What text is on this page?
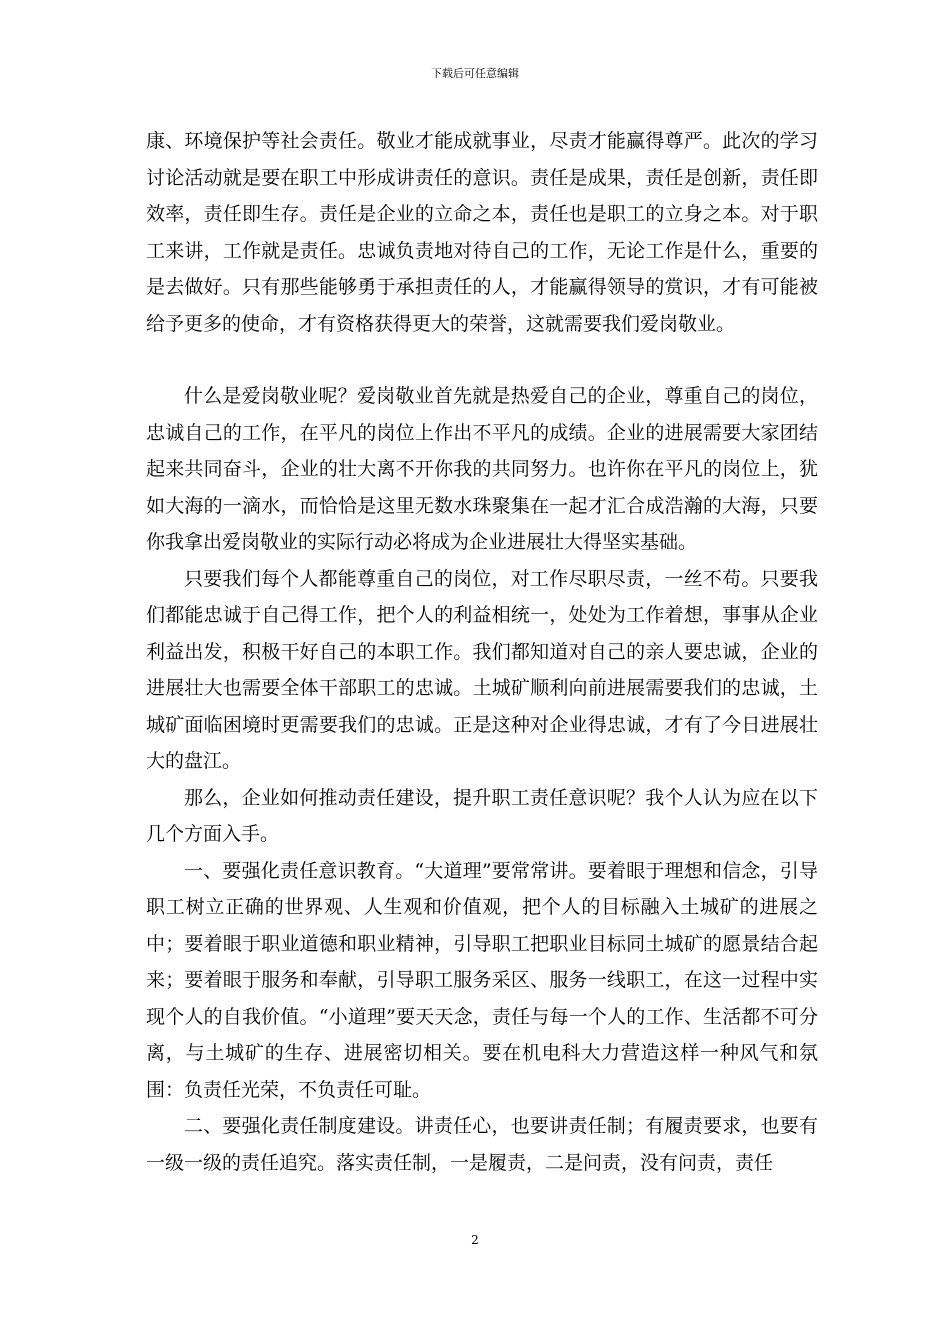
下载后可任意编辑

康、环境保护等社会责任。敬业才能成就事业，尽责才能赢得尊严。此次的学习讨论活动就是要在职工中形成讲责任的意识。责任是成果，责任是创新，责任即效率，责任即生存。责任是企业的立命之本，责任也是职工的立身之本。对于职工来讲，工作就是责任。忠诚负责地对待自己的工作，无论工作是什么，重要的是去做好。只有那些能够勇于承担责任的人，才能赢得领导的赏识，才有可能被给予更多的使命，才有资格获得更大的荣誉，这就需要我们爱岗敬业。

什么是爱岗敬业呢？爱岗敬业首先就是热爱自己的企业，尊重自己的岗位，忠诚自己的工作，在平凡的岗位上作出不平凡的成绩。企业的进展需要大家团结起来共同奋斗，企业的壮大离不开你我的共同努力。也许你在平凡的岗位上，犹如大海的一滴水，而恰恰是这里无数水珠聚集在一起才汇合成浩瀚的大海，只要你我拿出爱岗敬业的实际行动必将成为企业进展壮大得坚实基础。

只要我们每个人都能尊重自己的岗位，对工作尽职尽责，一丝不苟。只要我们都能忠诚于自己得工作，把个人的利益相统一，处处为工作着想，事事从企业利益出发，积极干好自己的本职工作。我们都知道对自己的亲人要忠诚，企业的进展壮大也需要全体干部职工的忠诚。土城矿顺利向前进展需要我们的忠诚，土城矿面临困境时更需要我们的忠诚。正是这种对企业得忠诚，才有了今日进展壮大的盘江。

那么，企业如何推动责任建设，提升职工责任意识呢？我个人认为应在以下几个方面入手。

一、要强化责任意识教育。“大道理”要常常讲。要着眼于理想和信念，引导职工树立正确的世界观、人生观和价值观，把个人的目标融入土城矿的进展之中；要着眼于职业道德和职业精神，引导职工把职业目标同土城矿的愿景结合起来；要着眼于服务和奉献，引导职工服务采区、服务一线职工，在这一过程中实现个人的自我价值。“小道理”要天天念，责任与每一个人的工作、生活都不可分离，与土城矿的生存、进展密切相关。要在机电科大力营造这样一种风气和氛围：负责任光荣，不负责任可耻。

二、要强化责任制度建设。讲责任心，也要讲责任制；有履责要求，也要有一级一级的责任追究。落实责任制，一是履责，二是问责，没有问责，责任

2
